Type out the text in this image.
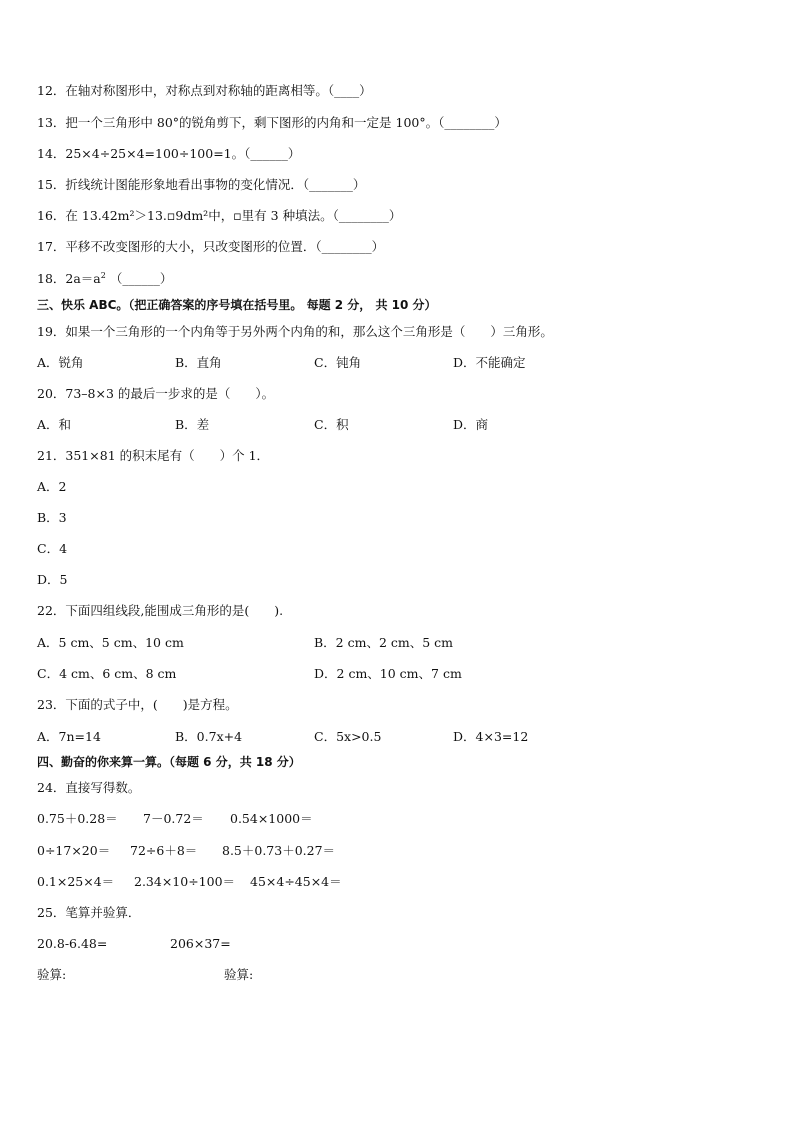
12．在轴对称图形中，对称点到对称轴的距离相等。（____）
13．把一个三角形中 80°的锐角剪下，剩下图形的内角和一定是 100°。（________）
14．25×4÷25×4=100÷100=1。（______）
15．折线统计图能形象地看出事物的变化情况．（_______）
16．在 13.42m²＞13.▫9dm²中，▫里有 3 种填法。（________）
17．平移不改变图形的大小，只改变图形的位置．（________）
18．$2a=a^2$ （______）
三、快乐 ABC。（把正确答案的序号填在括号里。 每题 2 分， 共 10 分）
19．如果一个三角形的一个内角等于另外两个内角的和，那么这个三角形是（　　）三角形。
A．锐角	B．直角	C．钝角	D．不能确定
20．73–8×3 的最后一步求的是（　　）。
A．和	B．差	C．积	D．商
21．351×81 的积末尾有（　　）个 1．
A．2
B．3
C．4
D．5
22．下面四组线段,能围成三角形的是(　　).
A．5 cm、5 cm、10 cm	B．2 cm、2 cm、5 cm
C．4 cm、6 cm、8 cm	D．2 cm、10 cm、7 cm
23．下面的式子中，(　　)是方程。
A．7n=14	B．0.7x+4	C．5x>0.5	D．4×3=12
四、勤奋的你来算一算。（每题 6 分，共 18 分）
24．直接写得数。
0.75＋0.28＝ 7－0.72＝ 0.54×1000＝
0÷17×20＝ 72÷6＋8＝ 8.5＋0.73＋0.27＝
0.1×25×4＝ 2.34×10÷100＝ 45×4÷45×4＝
25．笔算并验算．
20.8-6.48=	206×37=
验算:	验算:
